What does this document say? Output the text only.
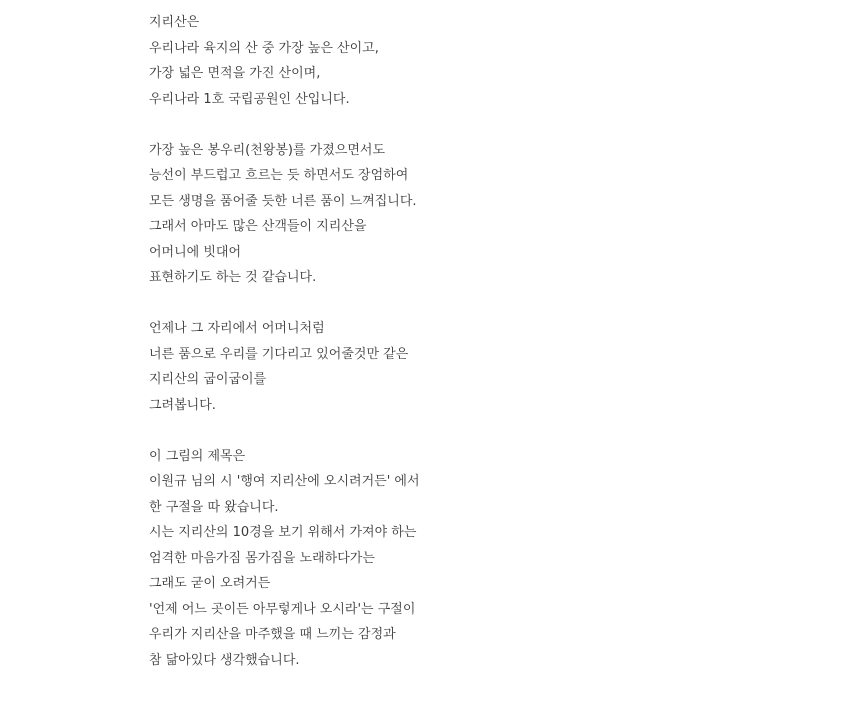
지리산은

우리나라 육지의 산 중 가장 높은 산이고,

가장 넓은 면적을 가진 산이며,

우리나라 1호 국립공원인 산입니다.

가장 높은 봉우리(천왕봉)를 가졌으면서도

능선이 부드럽고 흐르는 듯 하면서도 장엄하여

모든 생명을 품어줄 듯한 너른 품이 느껴집니다.

그래서 아마도 많은 산객들이 지리산을

어머니에 빗대어

표현하기도 하는 것 같습니다.

언제나 그 자리에서 어머니처럼

너른 품으로 우리를 기다리고 있어줄것만 같은

지리산의 굽이굽이를

그려봅니다.

이 그림의 제목은

이원규 님의 시 '행여 지리산에 오시려거든' 에서

한 구절을 따 왔습니다.

시는 지리산의 10경을 보기 위해서 가져야 하는

엄격한 마음가짐 몸가짐을 노래하다가는

그래도 굳이 오려거든

'언제 어느 곳이든 아무렇게나 오시라'는 구절이

우리가 지리산을 마주했을 때 느끼는 감정과

참 닮아있다 생각했습니다.
